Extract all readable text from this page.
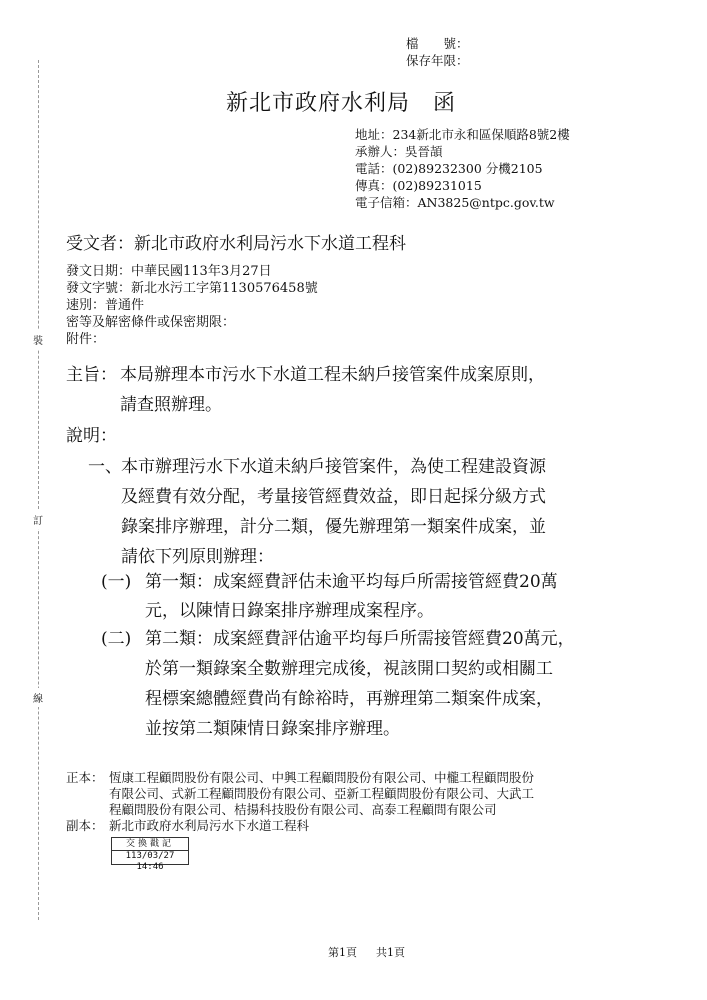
裝
訂
線
檔　　號：
保存年限：
新北市政府水利局　函
地址：234新北市永和區保順路8號2樓
承辦人：吳晉頡
電話：(02)89232300 分機2105
傳真：(02)89231015
電子信箱：AN3825@ntpc.gov.tw
受文者：新北市政府水利局污水下水道工程科
發文日期：中華民國113年3月27日
發文字號：新北水污工字第1130576458號
速別：普通件
密等及解密條件或保密期限：
附件：
主旨： 本局辦理本市污水下水道工程未納戶接管案件成案原則，
請查照辦理。
說明：
一、 本市辦理污水下水道未納戶接管案件，為使工程建設資源
及經費有效分配，考量接管經費效益，即日起採分級方式
錄案排序辦理，計分二類，優先辦理第一類案件成案，並
請依下列原則辦理：
(一) 第一類：成案經費評估未逾平均每戶所需接管經費20萬
元，以陳情日錄案排序辦理成案程序。
(二) 第二類：成案經費評估逾平均每戶所需接管經費20萬元，
於第一類錄案全數辦理完成後，視該開口契約或相關工
程標案總體經費尚有餘裕時，再辦理第二類案件成案，
並按第二類陳情日錄案排序辦理。
正本： 恆康工程顧問股份有限公司、中興工程顧問股份有限公司、中櫳工程顧問股份
有限公司、式新工程顧問股份有限公司、亞新工程顧問股份有限公司、大武工
程顧問股份有限公司、桔揚科技股份有限公司、高泰工程顧問有限公司
副本： 新北市政府水利局污水下水道工程科
交換戳記
113/03/27 14:46
第1頁 共1頁
